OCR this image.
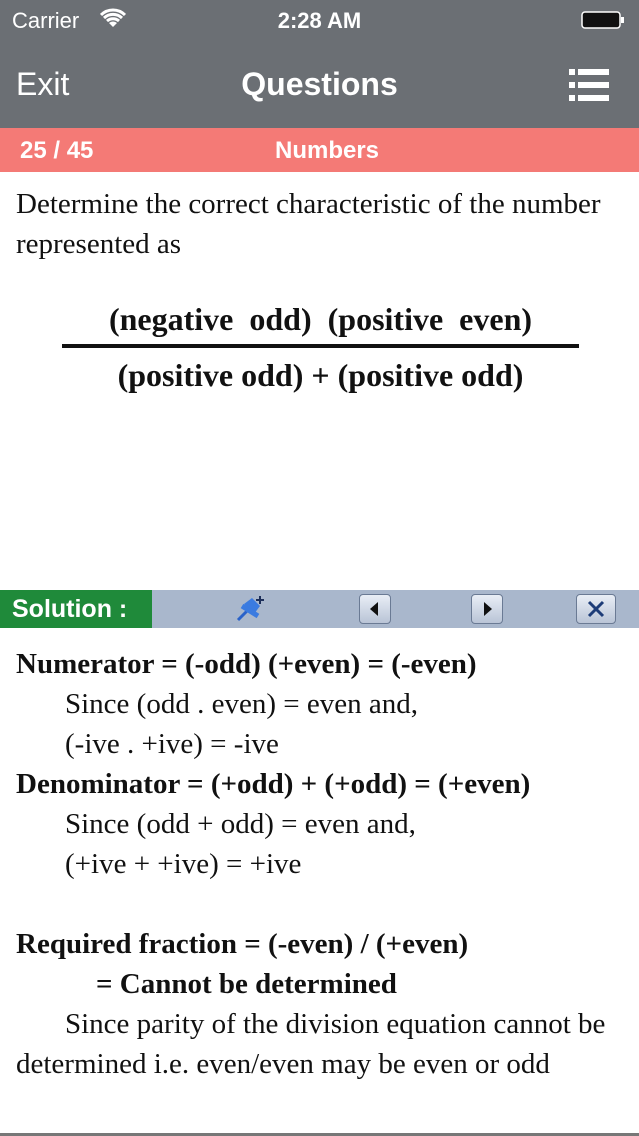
Carrier	2:28 AM
Exit	Questions
25 / 45	Numbers
Determine the correct characteristic of the number represented as
(negative  odd)  (positive  even)
(positive odd) + (positive odd)
Solution :
Numerator = (-odd) (+even) = (-even)
Since (odd . even) = even and,
(-ive . +ive) = -ive
Denominator = (+odd) + (+odd) = (+even)
Since (odd + odd) = even and,
(+ive + +ive) = +ive
Required fraction = (-even) / (+even)
= Cannot be determined
Since parity of the division equation cannot be determined i.e. even/even may be even or odd
